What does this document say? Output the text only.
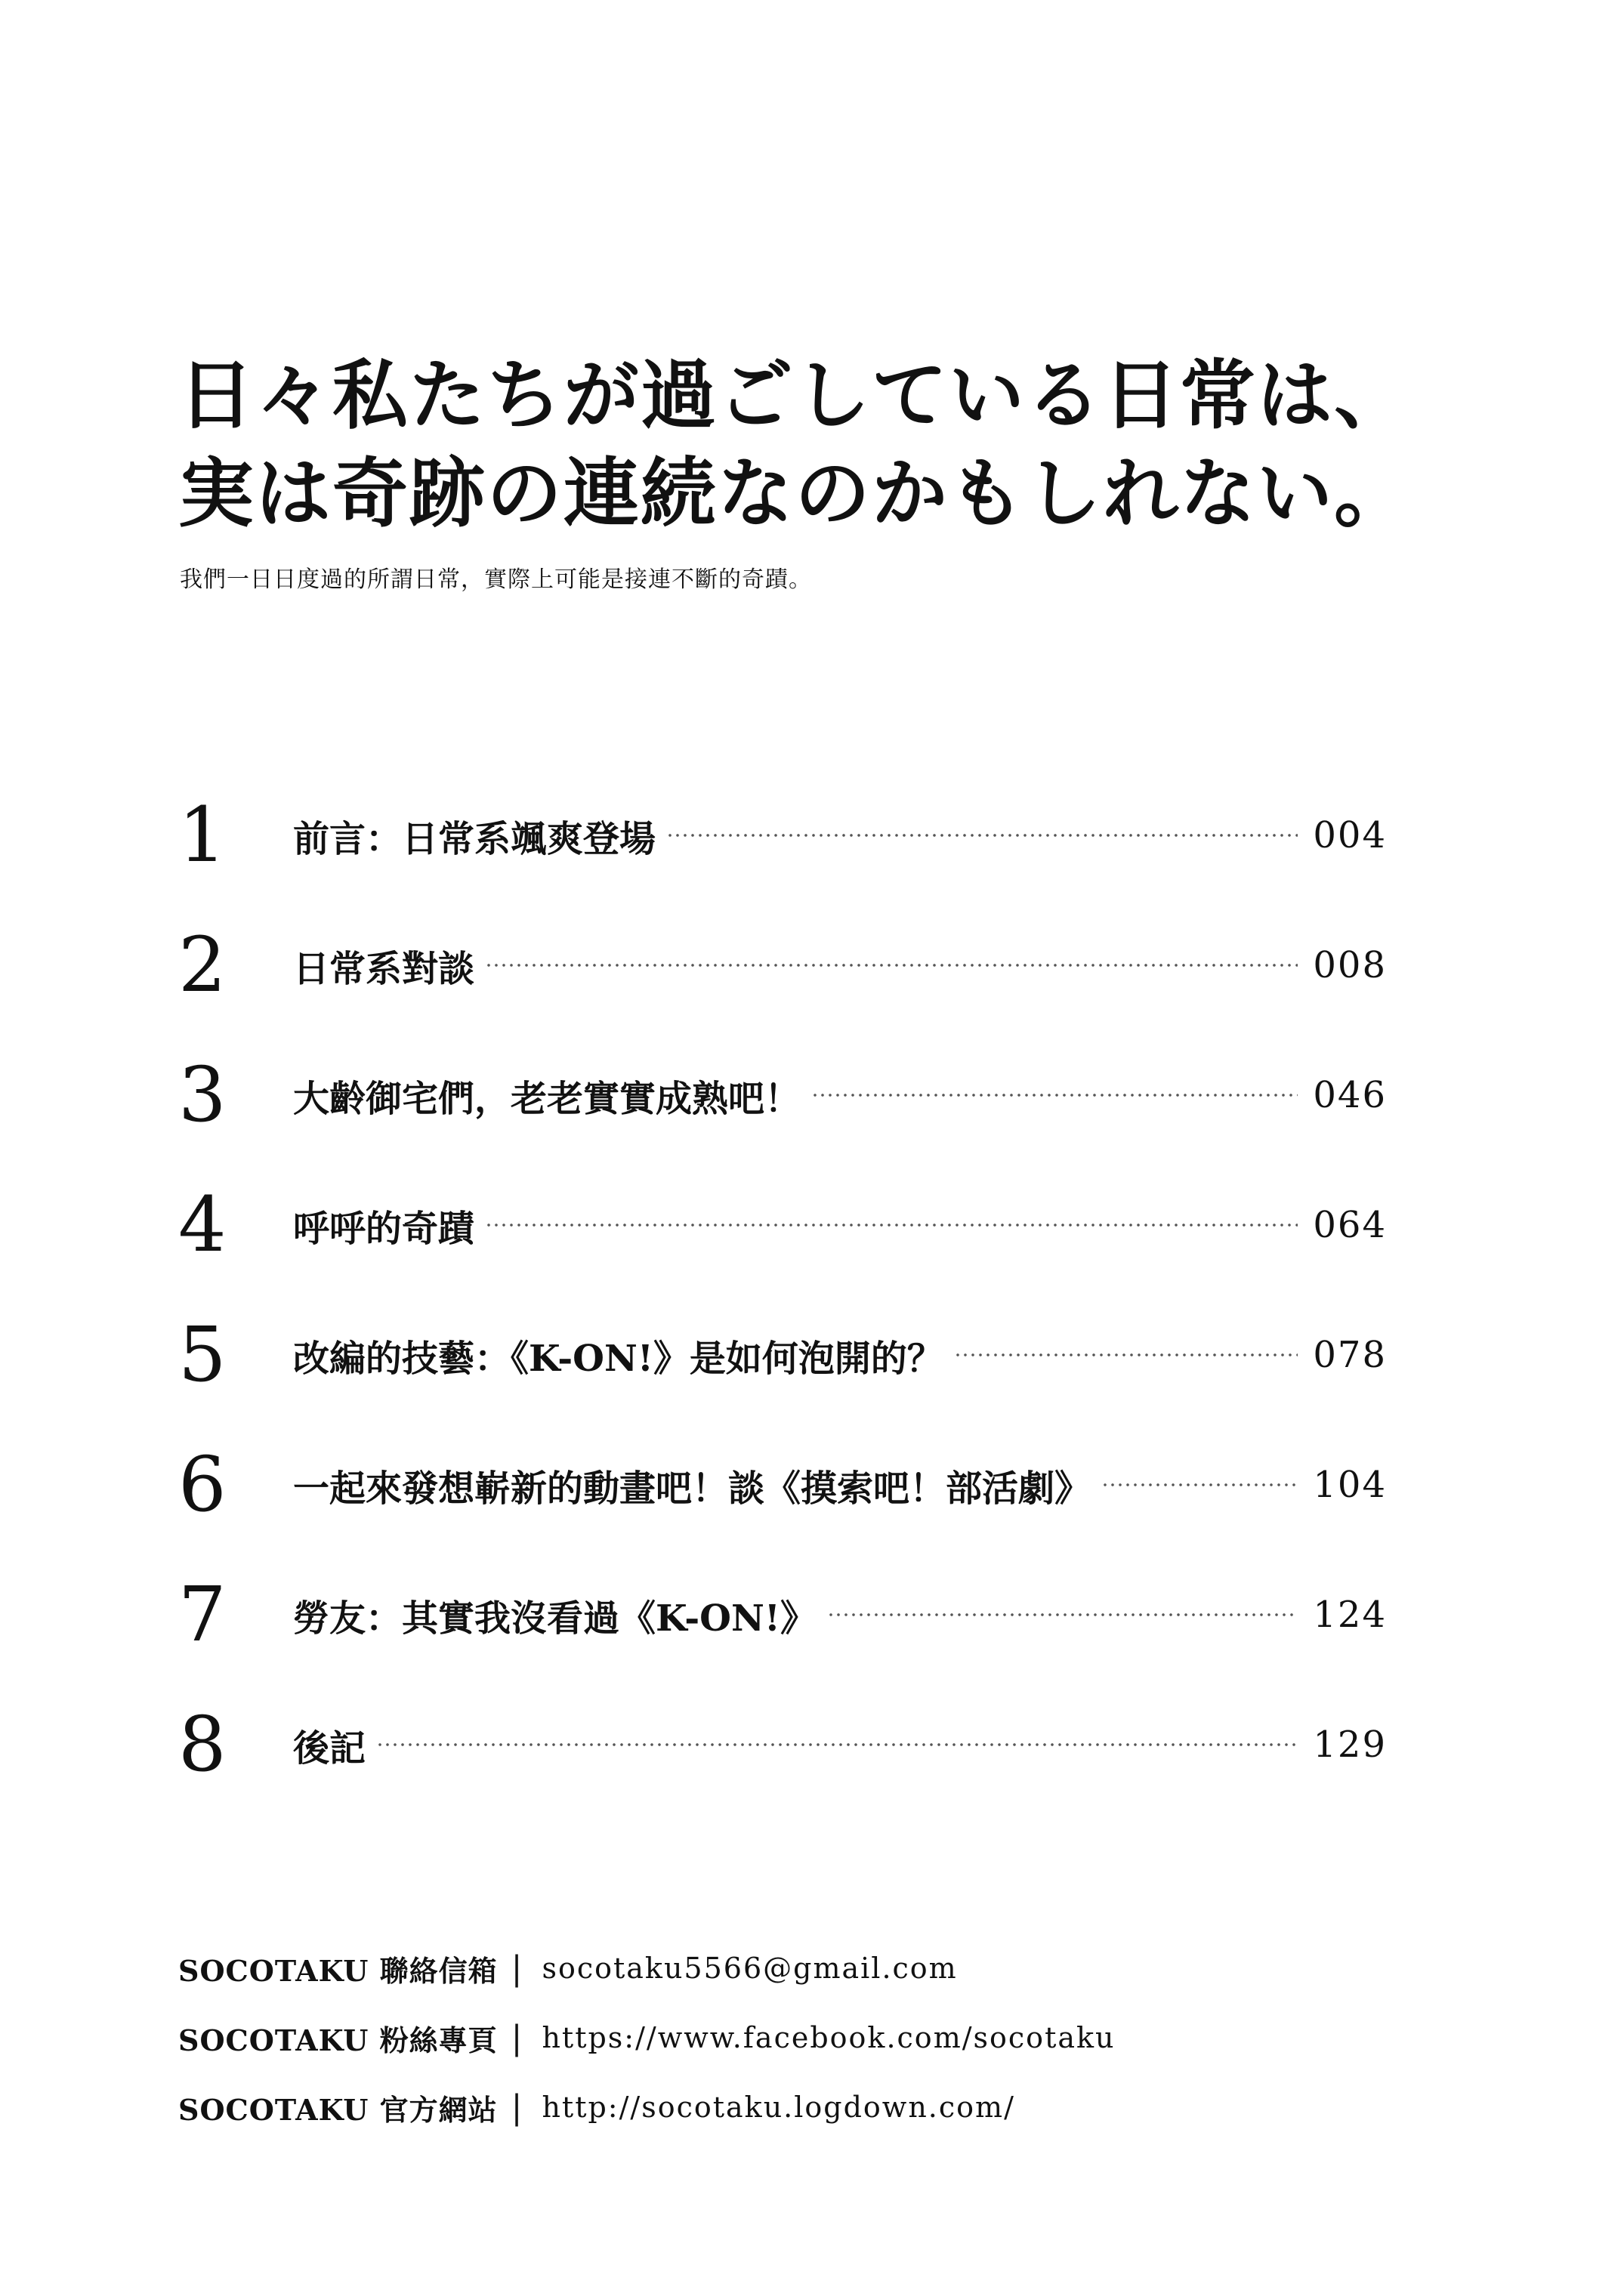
日々私たちが過ごしている日常は、
実は奇跡の連続なのかもしれない。
我們一日日度過的所謂日常，實際上可能是接連不斷的奇蹟。
1	前言：日常系颯爽登場	004
2	日常系對談	008
3	大齡御宅們，老老實實成熟吧！	046
4	呼呼的奇蹟	064
5	改編的技藝：《K-ON!》是如何泡開的？	078
6	一起來發想嶄新的動畫吧！談《摸索吧！部活劇》	104
7	勞友：其實我沒看過《K-ON!》	124
8	後記	129
SOCOTAKU 聯絡信箱 | socotaku5566@gmail.com
SOCOTAKU 粉絲專頁 | https://www.facebook.com/socotaku
SOCOTAKU 官方網站 | http://socotaku.logdown.com/
